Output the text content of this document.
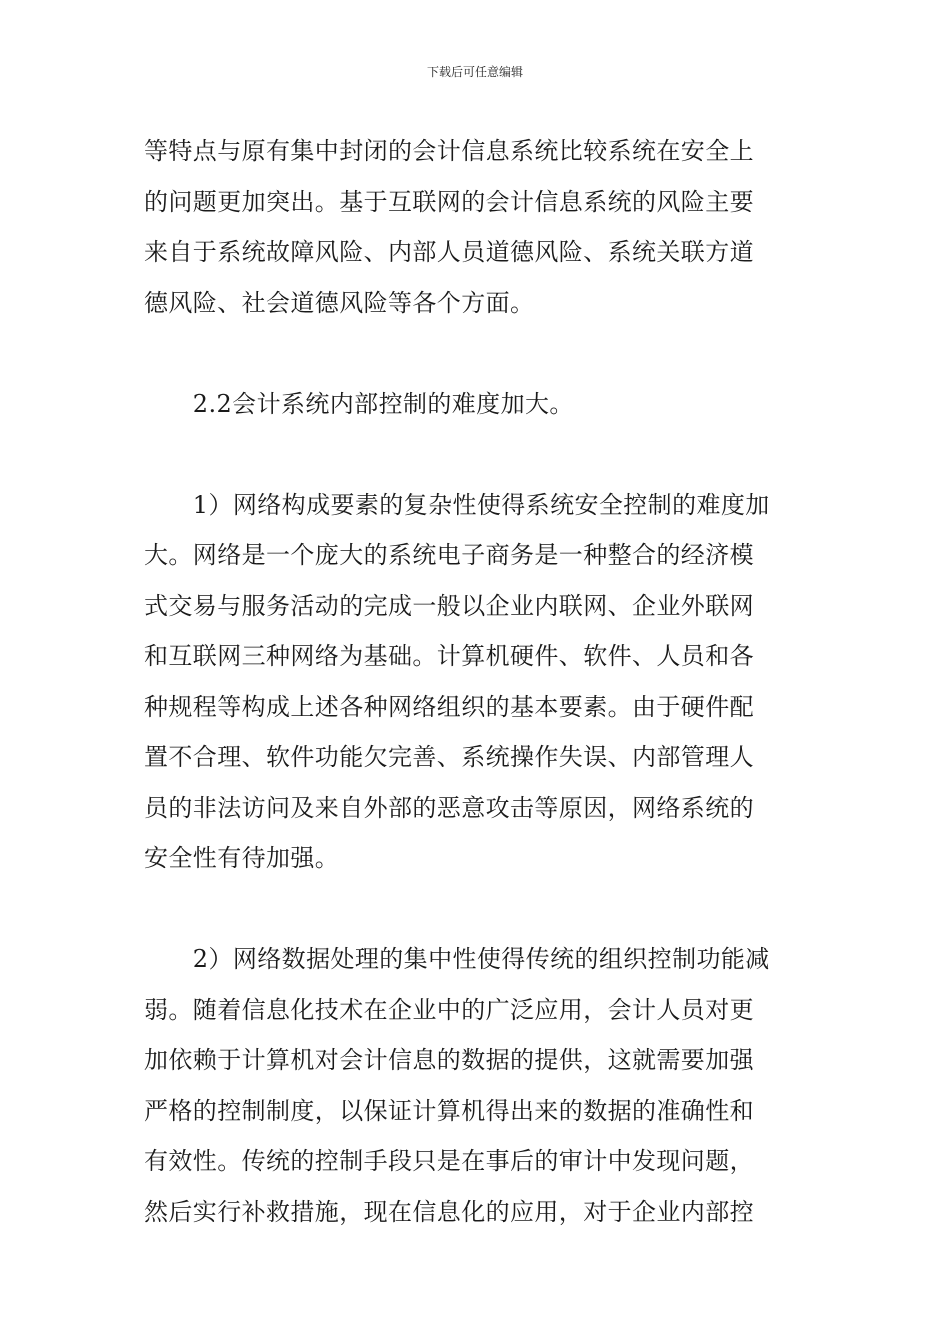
下载后可任意编辑
等特点与原有集中封闭的会计信息系统比较系统在安全上
的问题更加突出。基于互联网的会计信息系统的风险主要
来自于系统故障风险、内部人员道德风险、系统关联方道
德风险、社会道德风险等各个方面。
　　2.2会计系统内部控制的难度加大。
　　1）网络构成要素的复杂性使得系统安全控制的难度加
大。网络是一个庞大的系统电子商务是一种整合的经济模
式交易与服务活动的完成一般以企业内联网、企业外联网
和互联网三种网络为基础。计算机硬件、软件、人员和各
种规程等构成上述各种网络组织的基本要素。由于硬件配
置不合理、软件功能欠完善、系统操作失误、内部管理人
员的非法访问及来自外部的恶意攻击等原因，网络系统的
安全性有待加强。
　　2）网络数据处理的集中性使得传统的组织控制功能减
弱。随着信息化技术在企业中的广泛应用，会计人员对更
加依赖于计算机对会计信息的数据的提供，这就需要加强
严格的控制制度，以保证计算机得出来的数据的准确性和
有效性。传统的控制手段只是在事后的审计中发现问题，
然后实行补救措施，现在信息化的应用，对于企业内部控
